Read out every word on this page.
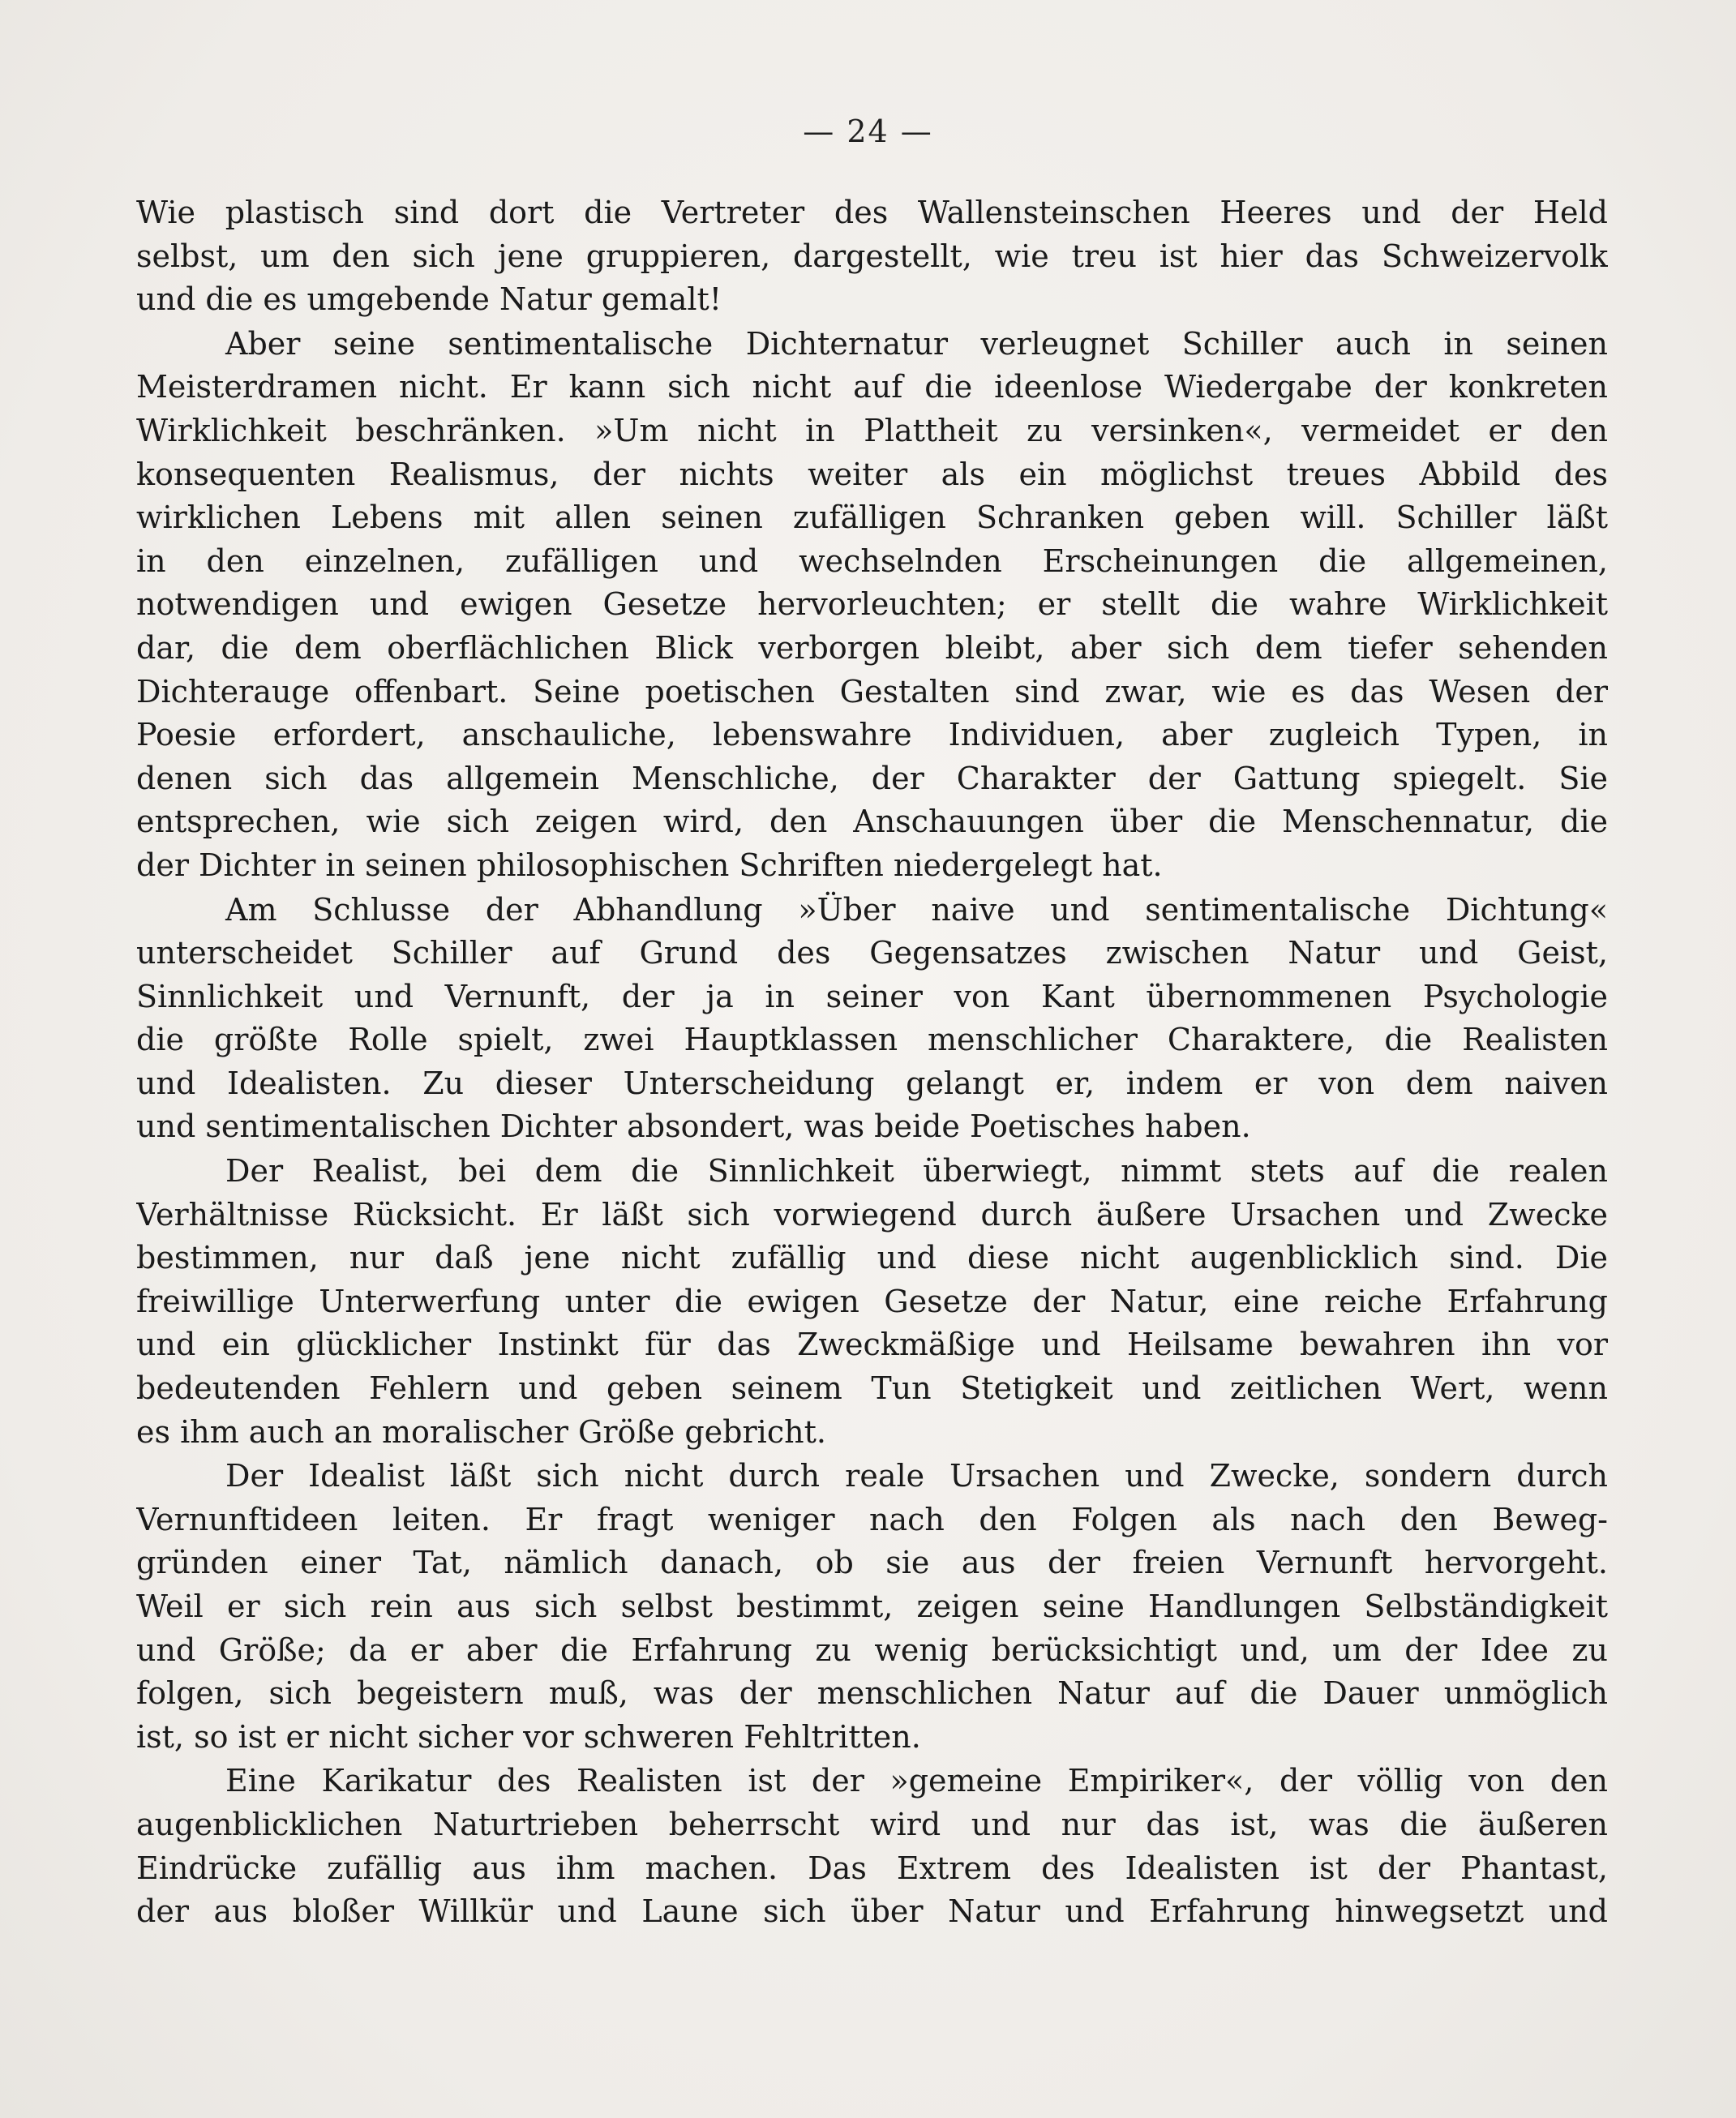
— 24 —
Wie plastisch sind dort die Vertreter des Wallensteinschen Heeres und der Held
selbst, um den sich jene gruppieren, dargestellt, wie treu ist hier das Schweizervolk
und die es umgebende Natur gemalt!
Aber seine sentimentalische Dichternatur verleugnet Schiller auch in seinen
Meisterdramen nicht. Er kann sich nicht auf die ideenlose Wiedergabe der konkreten
Wirklichkeit beschränken. »Um nicht in Plattheit zu versinken«, vermeidet er den
konsequenten Realismus, der nichts weiter als ein möglichst treues Abbild des
wirklichen Lebens mit allen seinen zufälligen Schranken geben will. Schiller läßt
in den einzelnen, zufälligen und wechselnden Erscheinungen die allgemeinen,
notwendigen und ewigen Gesetze hervorleuchten; er stellt die wahre Wirklichkeit
dar, die dem oberflächlichen Blick verborgen bleibt, aber sich dem tiefer sehenden
Dichterauge offenbart. Seine poetischen Gestalten sind zwar, wie es das Wesen der
Poesie erfordert, anschauliche, lebenswahre Individuen, aber zugleich Typen, in
denen sich das allgemein Menschliche, der Charakter der Gattung spiegelt. Sie
entsprechen, wie sich zeigen wird, den Anschauungen über die Menschennatur, die
der Dichter in seinen philosophischen Schriften niedergelegt hat.
Am Schlusse der Abhandlung »Über naive und sentimentalische Dichtung«
unterscheidet Schiller auf Grund des Gegensatzes zwischen Natur und Geist,
Sinnlichkeit und Vernunft, der ja in seiner von Kant übernommenen Psychologie
die größte Rolle spielt, zwei Hauptklassen menschlicher Charaktere, die Realisten
und Idealisten. Zu dieser Unterscheidung gelangt er, indem er von dem naiven
und sentimentalischen Dichter absondert, was beide Poetisches haben.
Der Realist, bei dem die Sinnlichkeit überwiegt, nimmt stets auf die realen
Verhältnisse Rücksicht. Er läßt sich vorwiegend durch äußere Ursachen und Zwecke
bestimmen, nur daß jene nicht zufällig und diese nicht augenblicklich sind. Die
freiwillige Unterwerfung unter die ewigen Gesetze der Natur, eine reiche Erfahrung
und ein glücklicher Instinkt für das Zweckmäßige und Heilsame bewahren ihn vor
bedeutenden Fehlern und geben seinem Tun Stetigkeit und zeitlichen Wert, wenn
es ihm auch an moralischer Größe gebricht.
Der Idealist läßt sich nicht durch reale Ursachen und Zwecke, sondern durch
Vernunftideen leiten. Er fragt weniger nach den Folgen als nach den Beweg-
gründen einer Tat, nämlich danach, ob sie aus der freien Vernunft hervorgeht.
Weil er sich rein aus sich selbst bestimmt, zeigen seine Handlungen Selbständigkeit
und Größe; da er aber die Erfahrung zu wenig berücksichtigt und, um der Idee zu
folgen, sich begeistern muß, was der menschlichen Natur auf die Dauer unmöglich
ist, so ist er nicht sicher vor schweren Fehltritten.
Eine Karikatur des Realisten ist der »gemeine Empiriker«, der völlig von den
augenblicklichen Naturtrieben beherrscht wird und nur das ist, was die äußeren
Eindrücke zufällig aus ihm machen. Das Extrem des Idealisten ist der Phantast,
der aus bloßer Willkür und Laune sich über Natur und Erfahrung hinwegsetzt und
